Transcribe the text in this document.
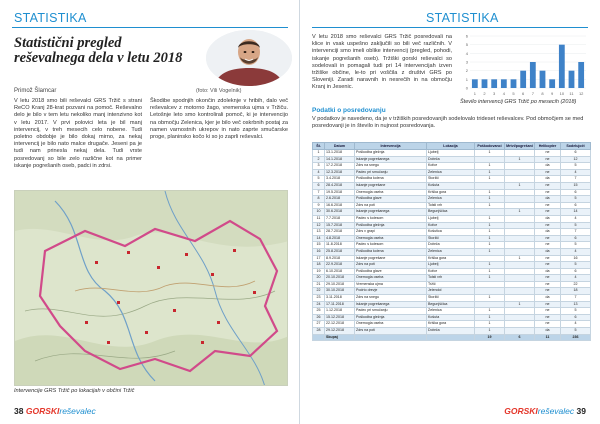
STATISTIKA
Statistični pregled reševalnega dela v letu 2018
Primož Šlamcar	(foto: Vili Vogelnik)
V letu 2018 smo bili reševalci GRS Tržič s strani ReCO Kranj 28-krat pozvani na pomoč. Reševalno delo je bilo v tem letu nekoliko manj intenzivno kot v letu 2017. V prvi polovici leta je bil manj intervencij, v treh mesecih celo nobene. Tudi poletno obdobje je bilo dokaj mirno, za nekaj intervencij je bilo nato malce drugače. Jeseni pa je tudi nam prinesla nekaj dela. Tudi vrste posredovanj so bile zelo različne kot na primer iskanje pogrešanih oseb, padci in zdrsi.
Škodibe spodnjih okončin zdoleknje v hribih, dalo več reševalcev z motorno žago, vremenska ujma v Tržiču. Letošnje leto smo kontrolirali pomoč, ki je intervencijo na območju Zelenica, kjer je bilo več oskrbnih postaj za namen varnostnih ukrepov in nato zaprte smučarske proge, planinsko kočo ki so jo zaprli reševalci.
Intervencije GRS Tržič po lokacijah v občini Tržič
38 GORSKIreševalec
STATISTIKA
V letu 2018 smo reševalci GRS Tržič posredovali na klice in vsak uspešno zaključili so bili več različnih. V intervenciji smo imeli oblike intervencij (pregled, pohodi, iskanje pogrešanih oseb). Tržiški gorski reševalci so sodelovali in pomagali tudi pri 14 intervencijah izven tržiške občine, le-to pri voščila z društvi GRS po Sloveniji. Zaradi naravnih in nesrečih in na območju Kranj in Jesenic.	0
1
2
3
4
5
6
1 2 3 4 5 6 7 8 9 10 11 12
Število intervencij GRS Tržič po mesecih (2018)
Podatki o posredovanju
V podatkov je navedeno, da je v tržiških posredovanjih sodelovalo trideset reševalcev. Pod območjem se med posredovanji je in število in nujnost posredovanja.
Št.	Datum	Intervencija	Lokacija	Poškodovanci	Mrtvi/pogrešani	Helikopter	Sodelujoči
1	13.1.2018	Poškodba gležnja	Ljubelj	1		ne	6
2	14.1.2018	Iskanje pogrešanega	Dobrča		1	ne	12
3	17.2.2018	Zdrs na snegu	Kofce	1		da	5
4	12.3.2018	Padec pri smučanju	Zelenica	1		ne	4
5	3.4.2018	Poškodba kolena	Storžič	1		da	7
6	28.4.2018	Iskanje pogrešane	Košuta		1	ne	15
7	19.5.2018	Onemogla oseba	Kriška gora	1		ne	6
8	2.6.2018	Poškodba glave	Zelenica	1		da	5
9	16.6.2018	Zdrs na poti	Tolsti vrh	1		ne	6
10	30.6.2018	Iskanje pogrešanega	Begunjščica		1	ne	14
11	7.7.2018	Padec s kolesom	Ljubelj	1		da	4
12	15.7.2018	Poškodba gležnja	Kofce	1		ne	5
13	28.7.2018	Zdrs v grapi	Košutica	1		da	7
14	4.8.2018	Onemogla oseba	Storžič	1		ne	6
15	11.8.2018	Padec s kolesom	Dobrča	1		ne	5
16	25.8.2018	Poškodba kolena	Zelenica	1		da	4
17	8.9.2018	Iskanje pogrešane	Kriška gora		1	ne	16
18	22.9.2018	Zdrs na poti	Ljubelj	1		ne	5
19	6.10.2018	Poškodba glave	Kofce	1		da	6
20	20.10.2018	Onemogla oseba	Tolsti vrh	1		ne	4
21	29.10.2018	Vremenska ujma	Tržič			ne	22
22	30.10.2018	Podrto drevje	Jelendol			ne	18
23	3.11.2018	Zdrs na snegu	Storžič	1		da	7
24	17.11.2018	Iskanje pogrešanega	Begunjščica		1	ne	13
25	1.12.2018	Padec pri smučanju	Zelenica	1		ne	5
26	15.12.2018	Poškodba gležnja	Košuta	1		ne	6
27	22.12.2018	Onemogla oseba	Kriška gora	1		ne	4
28	29.12.2018	Zdrs na poti	Dobrča	1		da	5
	Skupaj			19	6	11	236
GORSKIreševalec 39
